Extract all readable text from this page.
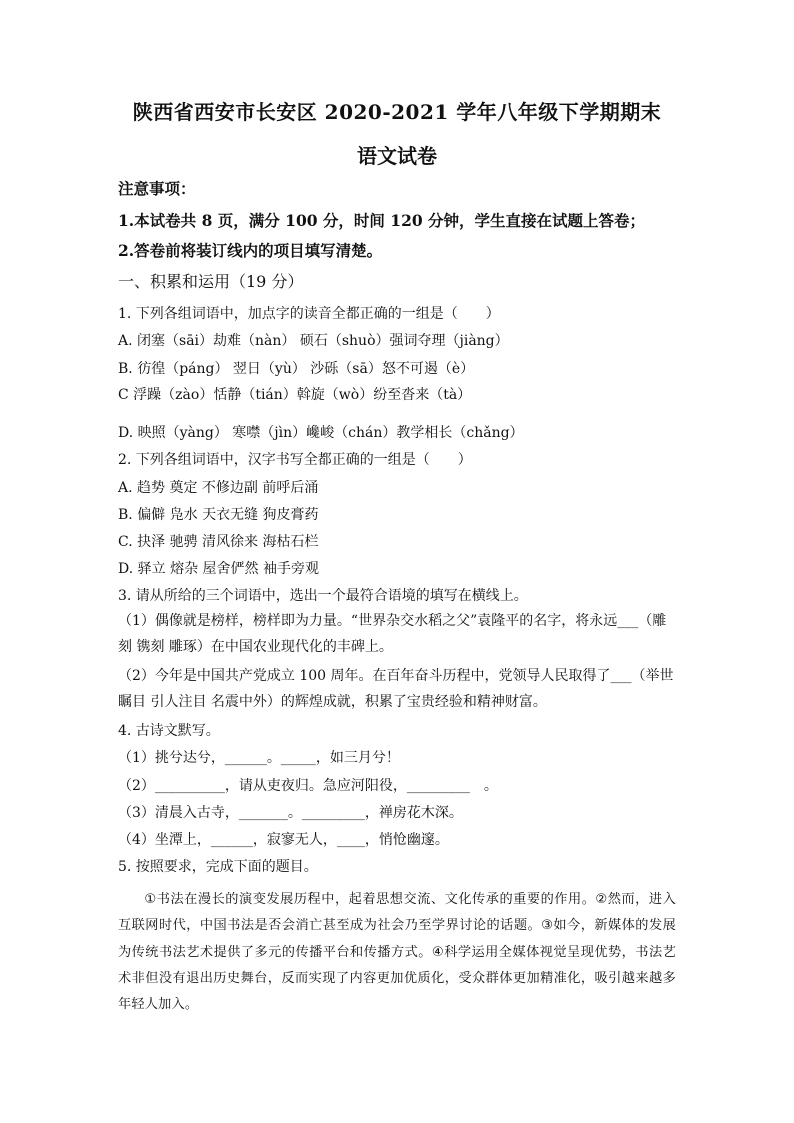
陕西省西安市长安区 2020-2021 学年八年级下学期期末
语文试卷
注意事项：
1.本试卷共 8 页，满分 100 分，时间 120 分钟，学生直接在试题上答卷；
2.答卷前将装订线内的项目填写清楚。
一、积累和运用（19 分）
1. 下列各组词语中，加点字的读音全都正确的一组是（　　）
A. 闭塞（sāi）劫难（nàn） 硕石（shuò）强词夺理（jiàng）
B. 彷徨（páng） 翌日（yù） 沙砾（sā）怒不可遏（è）
C 浮躁（zào）恬静（tián）斡旋（wò）纷至沓来（tà）
D. 映照（yàng） 寒噤（jìn）巉峻（chán）教学相长（chǎng）
2. 下列各组词语中，汉字书写全都正确的一组是（　　）
A. 趋势 奠定 不修边副 前呼后涌
B. 偏僻 凫水 天衣无缝 狗皮膏药
C. 抉泽 驰骋 清风徐来 海枯石栏
D. 驿立 熔杂 屋舍俨然 袖手旁观
3. 请从所给的三个词语中，选出一个最符合语境的填写在横线上。
（1）偶像就是榜样，榜样即为力量。“世界杂交水稻之父”袁隆平的名字，将永远___（雕刻 镌刻 雕琢）在中国农业现代化的丰碑上。
（2）今年是中国共产党成立 100 周年。在百年奋斗历程中，党领导人民取得了___（举世瞩目 引人注目 名震中外）的辉煌成就，积累了宝贵经验和精神财富。
4. 古诗文默写。
（1）挑兮达兮，______。_____，如三月兮！
（2）__________，请从吏夜归。急应河阳役，_________　。
（3）清晨入古寺，_______。_________，禅房花木深。
（4）坐潭上，______，寂寥无人，____，悄怆幽邃。
5. 按照要求，完成下面的题目。
①书法在漫长的演变发展历程中，起着思想交流、文化传承的重要的作用。②然而，进入互联网时代，中国书法是否会消亡甚至成为社会乃至学界讨论的话题。③如今，新媒体的发展为传统书法艺术提供了多元的传播平台和传播方式。④科学运用全媒体视觉呈现优势，书法艺术非但没有退出历史舞台，反而实现了内容更加优质化，受众群体更加精准化，吸引越来越多年轻人加入。
